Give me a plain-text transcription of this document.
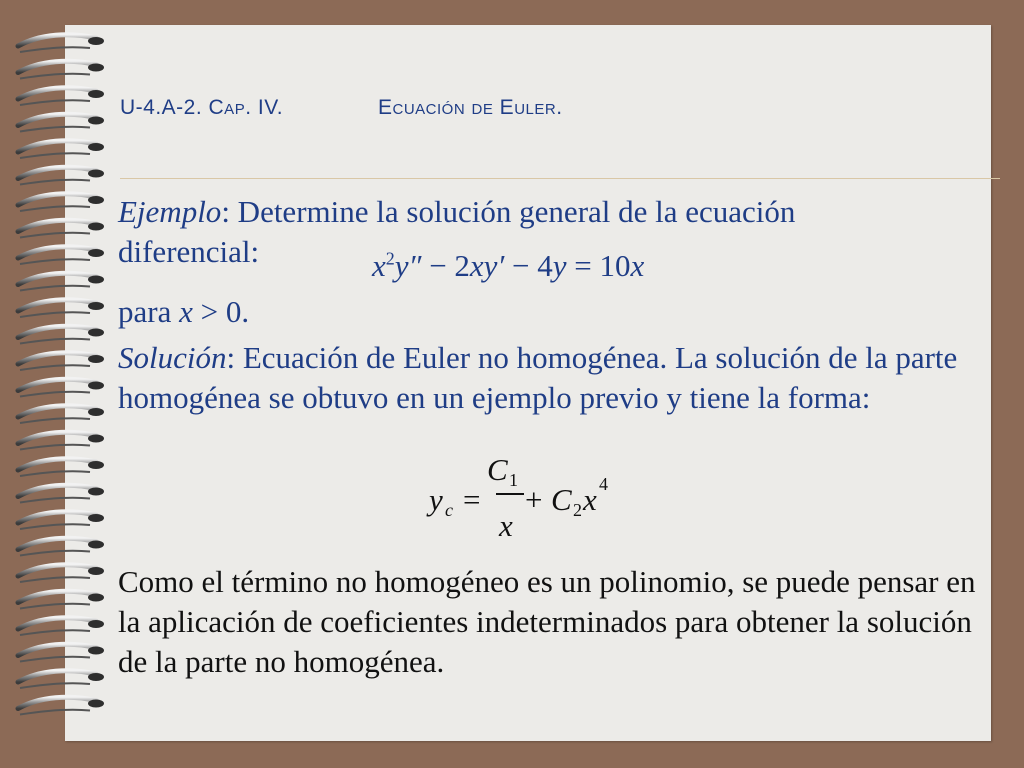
U-4.A-2. Cap. IV.	Ecuación de Euler.
Ejemplo: Determine la solución general de la ecuación
diferencial:	$x^2y'' - 2xy' - 4y = 10x$
para x > 0.
Solución: Ecuación de Euler no homogénea. La solución de la parte homogénea se obtuvo en un ejemplo previo y tiene la forma:
y c =
C 1
x
+ C 2 x 4
Como el término no homogéneo es un polinomio, se puede pensar en la aplicación de coeficientes indeterminados para obtener la solución de la parte no homogénea.
